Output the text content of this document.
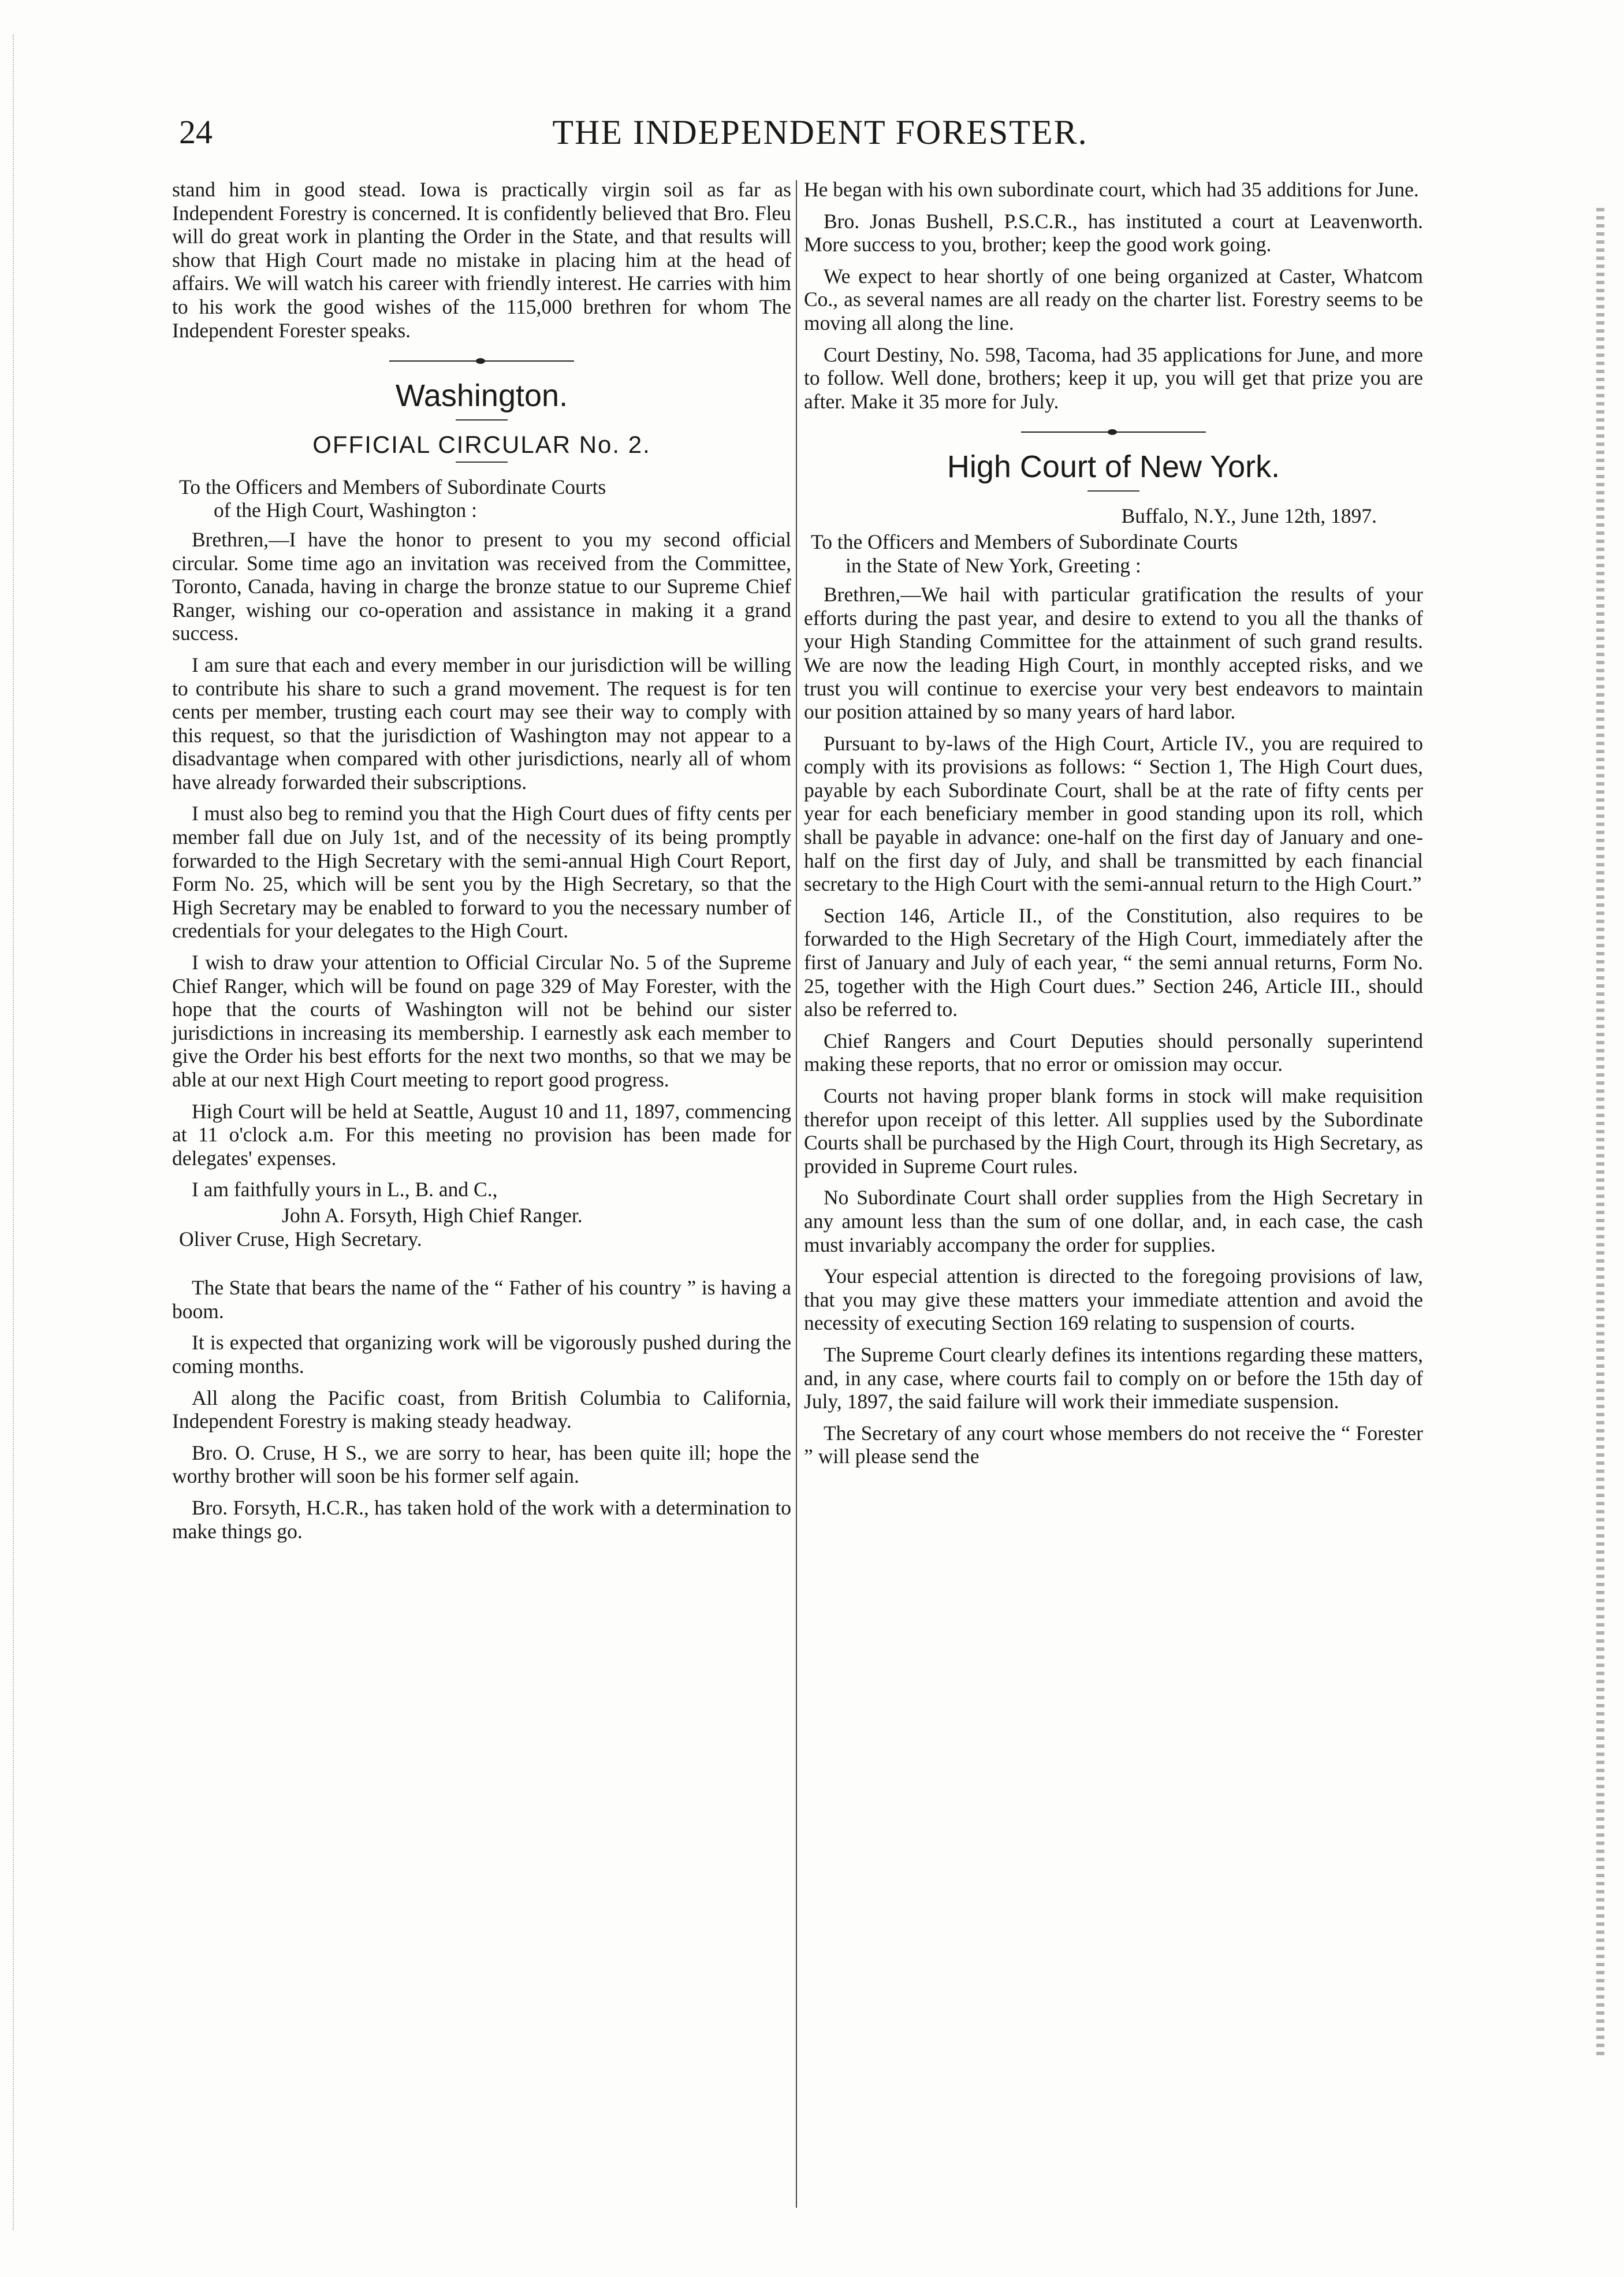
24	THE INDEPENDENT FORESTER.

stand him in good stead. Iowa is practically virgin soil as far as Independent Forestry is concerned. It is confidently believed that Bro. Fleu will do great work in planting the Order in the State, and that results will show that High Court made no mistake in placing him at the head of affairs. We will watch his career with friendly interest. He carries with him to his work the good wishes of the 115,000 brethren for whom The Independent Forester speaks.

Washington.
OFFICIAL CIRCULAR No. 2.

To the Officers and Members of Subordinate Courts
of the High Court, Washington :

Brethren,—I have the honor to present to you my second official circular. Some time ago an invitation was received from the Committee, Toronto, Canada, having in charge the bronze statue to our Supreme Chief Ranger, wishing our co-operation and assistance in making it a grand success.

I am sure that each and every member in our jurisdiction will be willing to contribute his share to such a grand movement. The request is for ten cents per member, trusting each court may see their way to comply with this request, so that the jurisdiction of Washington may not appear to a disadvantage when compared with other jurisdictions, nearly all of whom have already forwarded their subscriptions.

I must also beg to remind you that the High Court dues of fifty cents per member fall due on July 1st, and of the necessity of its being promptly forwarded to the High Secretary with the semi-annual High Court Report, Form No. 25, which will be sent you by the High Secretary, so that the High Secretary may be enabled to forward to you the necessary number of credentials for your delegates to the High Court.

I wish to draw your attention to Official Circular No. 5 of the Supreme Chief Ranger, which will be found on page 329 of May Forester, with the hope that the courts of Washington will not be behind our sister jurisdictions in increasing its membership. I earnestly ask each member to give the Order his best efforts for the next two months, so that we may be able at our next High Court meeting to report good progress.

High Court will be held at Seattle, August 10 and 11, 1897, commencing at 11 o'clock a.m. For this meeting no provision has been made for delegates' expenses.

I am faithfully yours in L., B. and C.,

John A. Forsyth, High Chief Ranger.

Oliver Cruse, High Secretary.

The State that bears the name of the “ Father of his country ” is having a boom.

It is expected that organizing work will be vigorously pushed during the coming months.

All along the Pacific coast, from British Columbia to California, Independent Forestry is making steady headway.

Bro. O. Cruse, H S., we are sorry to hear, has been quite ill; hope the worthy brother will soon be his former self again.

Bro. Forsyth, H.C.R., has taken hold of the work with a determination to make things go.

He began with his own subordinate court, which had 35 additions for June.

Bro. Jonas Bushell, P.S.C.R., has instituted a court at Leavenworth. More success to you, brother; keep the good work going.

We expect to hear shortly of one being organized at Caster, Whatcom Co., as several names are all ready on the charter list. Forestry seems to be moving all along the line.

Court Destiny, No. 598, Tacoma, had 35 applications for June, and more to follow. Well done, brothers; keep it up, you will get that prize you are after. Make it 35 more for July.

High Court of New York.

Buffalo, N.Y., June 12th, 1897.

To the Officers and Members of Subordinate Courts
in the State of New York, Greeting :

Brethren,—We hail with particular gratification the results of your efforts during the past year, and desire to extend to you all the thanks of your High Standing Committee for the attainment of such grand results. We are now the leading High Court, in monthly accepted risks, and we trust you will continue to exercise your very best endeavors to maintain our position attained by so many years of hard labor.

Pursuant to by-laws of the High Court, Article IV., you are required to comply with its provisions as follows: “ Section 1, The High Court dues, payable by each Subordinate Court, shall be at the rate of fifty cents per year for each beneficiary member in good standing upon its roll, which shall be payable in advance: one-half on the first day of January and one-half on the first day of July, and shall be transmitted by each financial secretary to the High Court with the semi-annual return to the High Court.”

Section 146, Article II., of the Constitution, also requires to be forwarded to the High Secretary of the High Court, immediately after the first of January and July of each year, “ the semi annual returns, Form No. 25, together with the High Court dues.” Section 246, Article III., should also be referred to.

Chief Rangers and Court Deputies should personally superintend making these reports, that no error or omission may occur.

Courts not having proper blank forms in stock will make requisition therefor upon receipt of this letter. All supplies used by the Subordinate Courts shall be purchased by the High Court, through its High Secretary, as provided in Supreme Court rules.

No Subordinate Court shall order supplies from the High Secretary in any amount less than the sum of one dollar, and, in each case, the cash must invariably accompany the order for supplies.

Your especial attention is directed to the foregoing provisions of law, that you may give these matters your immediate attention and avoid the necessity of executing Section 169 relating to suspension of courts.

The Supreme Court clearly defines its intentions regarding these matters, and, in any case, where courts fail to comply on or before the 15th day of July, 1897, the said failure will work their immediate suspension.

The Secretary of any court whose members do not receive the “ Forester ” will please send the
